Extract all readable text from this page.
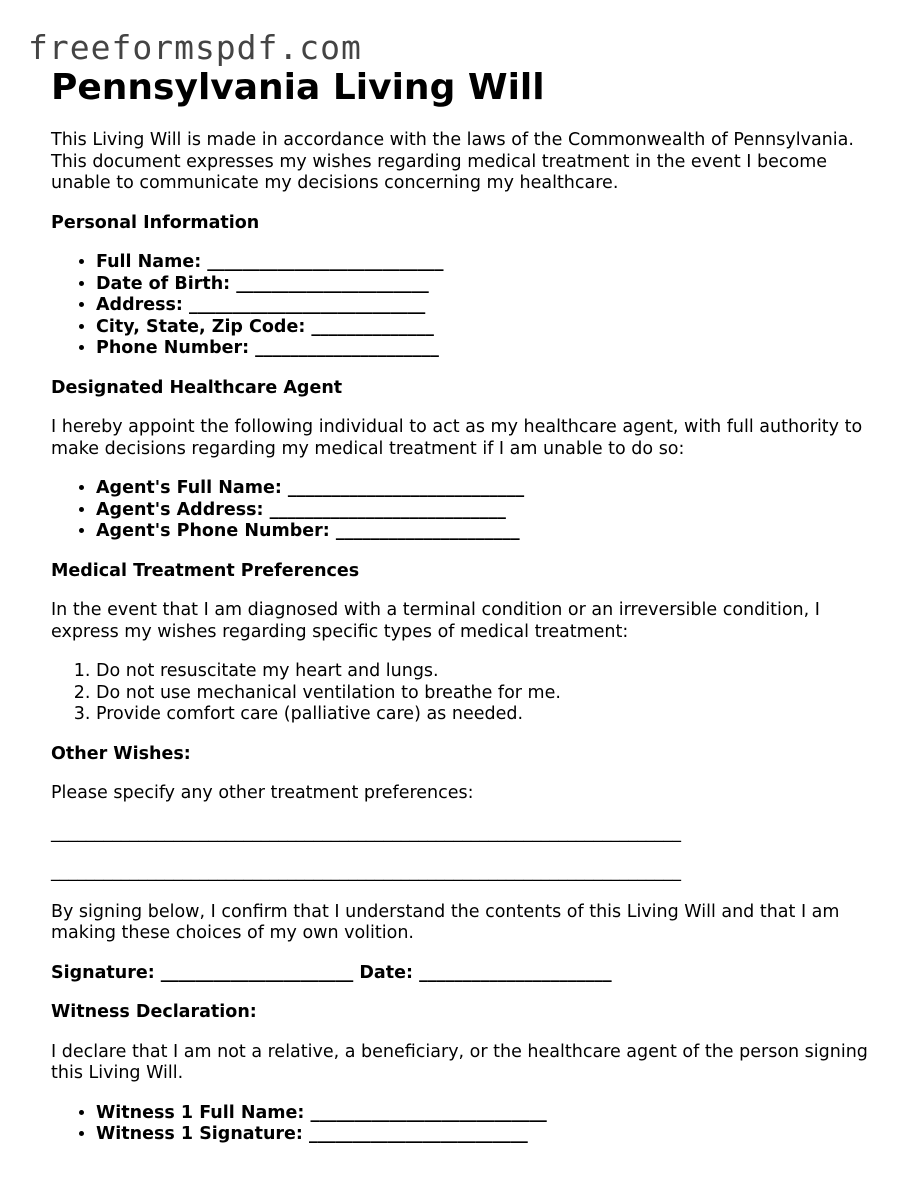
freeformspdf.com
Pennsylvania Living Will

This Living Will is made in accordance with the laws of the Commonwealth of Pennsylvania. This document expresses my wishes regarding medical treatment in the event I become unable to communicate my decisions concerning my healthcare.

Personal Information
• Full Name: ___________________________
• Date of Birth: ______________________
• Address: ___________________________
• City, State, Zip Code: ______________
• Phone Number: _____________________
Designated Healthcare Agent

I hereby appoint the following individual to act as my healthcare agent, with full authority to make decisions regarding my medical treatment if I am unable to do so:

• Agent's Full Name: ___________________________
• Agent's Address: ___________________________
• Agent's Phone Number: _____________________
Medical Treatment Preferences

In the event that I am diagnosed with a terminal condition or an irreversible condition, I express my wishes regarding specific types of medical treatment:

1. Do not resuscitate my heart and lungs.
2. Do not use mechanical ventilation to breathe for me.
3. Provide comfort care (palliative care) as needed.
Other Wishes:

Please specify any other treatment preferences:

________________________________________________________________________

________________________________________________________________________

By signing below, I confirm that I understand the contents of this Living Will and that I am making these choices of my own volition.

Signature: ______________________ Date: ______________________

Witness Declaration:

I declare that I am not a relative, a beneficiary, or the healthcare agent of the person signing this Living Will.

• Witness 1 Full Name: ___________________________
• Witness 1 Signature: _________________________
